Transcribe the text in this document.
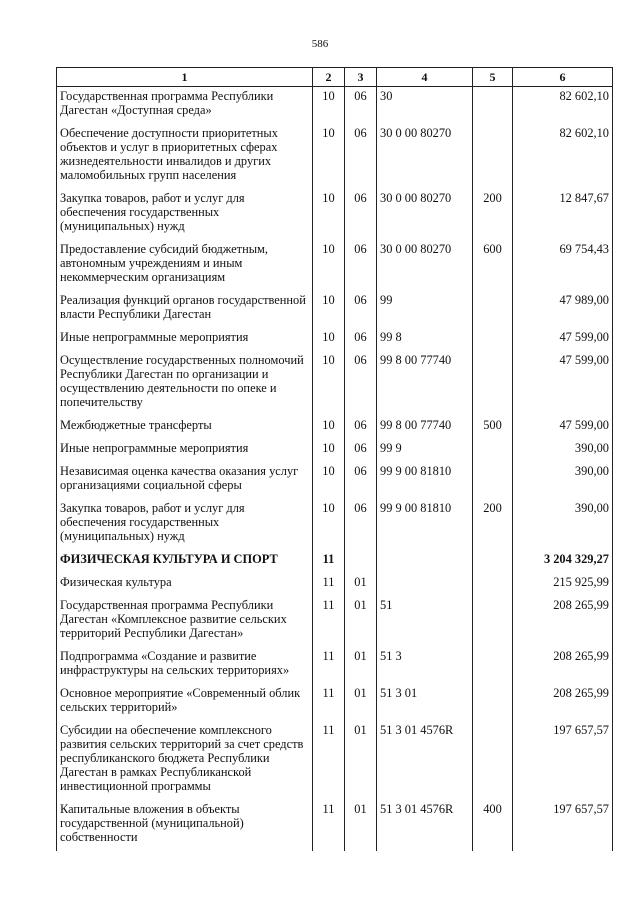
586
1	2	3	4	5	6
Государственная программа Республики Дагестан «Доступная среда»	10	06	30		82 602,10
Обеспечение доступности приоритетных объектов и услуг в приоритетных сферах жизнедеятельности инвалидов и других маломобильных групп населения	10	06	30 0 00 80270		82 602,10
Закупка товаров, работ и услуг для обеспечения государственных (муниципальных) нужд	10	06	30 0 00 80270	200	12 847,67
Предоставление субсидий бюджетным, автономным учреждениям и иным некоммерческим организациям	10	06	30 0 00 80270	600	69 754,43
Реализация функций органов государственной власти Республики Дагестан	10	06	99		47 989,00
Иные непрограммные мероприятия	10	06	99 8		47 599,00
Осуществление государственных полномочий Республики Дагестан по организации и осуществлению деятельности по опеке и попечительству	10	06	99 8 00 77740		47 599,00
Межбюджетные трансферты	10	06	99 8 00 77740	500	47 599,00
Иные непрограммные мероприятия	10	06	99 9		390,00
Независимая оценка качества оказания услуг организациями социальной сферы	10	06	99 9 00 81810		390,00
Закупка товаров, работ и услуг для обеспечения государственных (муниципальных) нужд	10	06	99 9 00 81810	200	390,00
ФИЗИЧЕСКАЯ КУЛЬТУРА И СПОРТ	11				3 204 329,27
Физическая культура	11	01			215 925,99
Государственная программа Республики Дагестан «Комплексное развитие сельских территорий Республики Дагестан»	11	01	51		208 265,99
Подпрограмма «Создание и развитие инфраструктуры на сельских территориях»	11	01	51 3		208 265,99
Основное мероприятие «Современный облик сельских территорий»	11	01	51 3 01		208 265,99
Субсидии на обеспечение комплексного развития сельских территорий за счет средств республиканского бюджета Республики Дагестан в рамках Республиканской инвестиционной программы	11	01	51 3 01 4576R		197 657,57
Капитальные вложения в объекты государственной (муниципальной) собственности	11	01	51 3 01 4576R	400	197 657,57
